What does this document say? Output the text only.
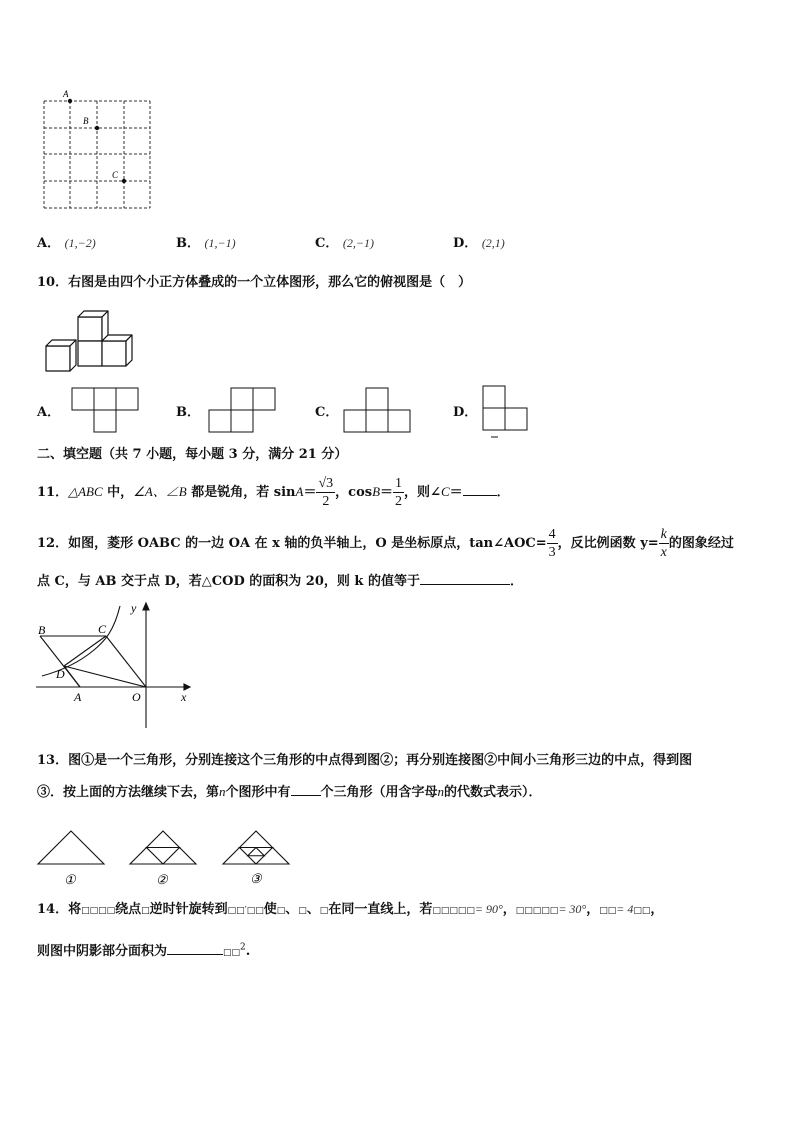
A
B
C
A． (1,−2)	B． (1,−1)	C． (2,−1)	D． (2,1)
10．右图是由四个小正方体叠成的一个立体图形，那么它的俯视图是（　）
A．	B．	C．	D．
二、填空题（共 7 小题，每小题 3 分，满分 21 分）
11．△ABC 中，∠A、∠B 都是锐角，若 $\sin A= \frac{√3}{2}$ ，$\cos B= \frac{1}{2}$ ，则∠C＝	．
12．如图，菱形 OABC 的一边 OA 在 x 轴的负半轴上，O 是坐标原点，tan∠AOC= $\frac{4}{3}$ ，反比例函数 $y= \frac{k}{x}$ 的图象经过
点 C，与 AB 交于点 D，若△COD 的面积为 20，则 k 的值等于	．
B	C
D
A	O	x
y
13．图①是一个三角形，分别连接这个三角形的中点得到图②；再分别连接图②中间小三角形三边的中点，得到图
③．按上面的方法继续下去，第n个图形中有 个三角形（用含字母n的代数式表示）．
①	②	③
14．将□□□□绕点□逆时针旋转到□□′□□使□、□、□在同一直线上，若□□□□□= 90°，□□□□□= 30°，□□= 4□□，
则图中阴影部分面积为	□□$^2$.
